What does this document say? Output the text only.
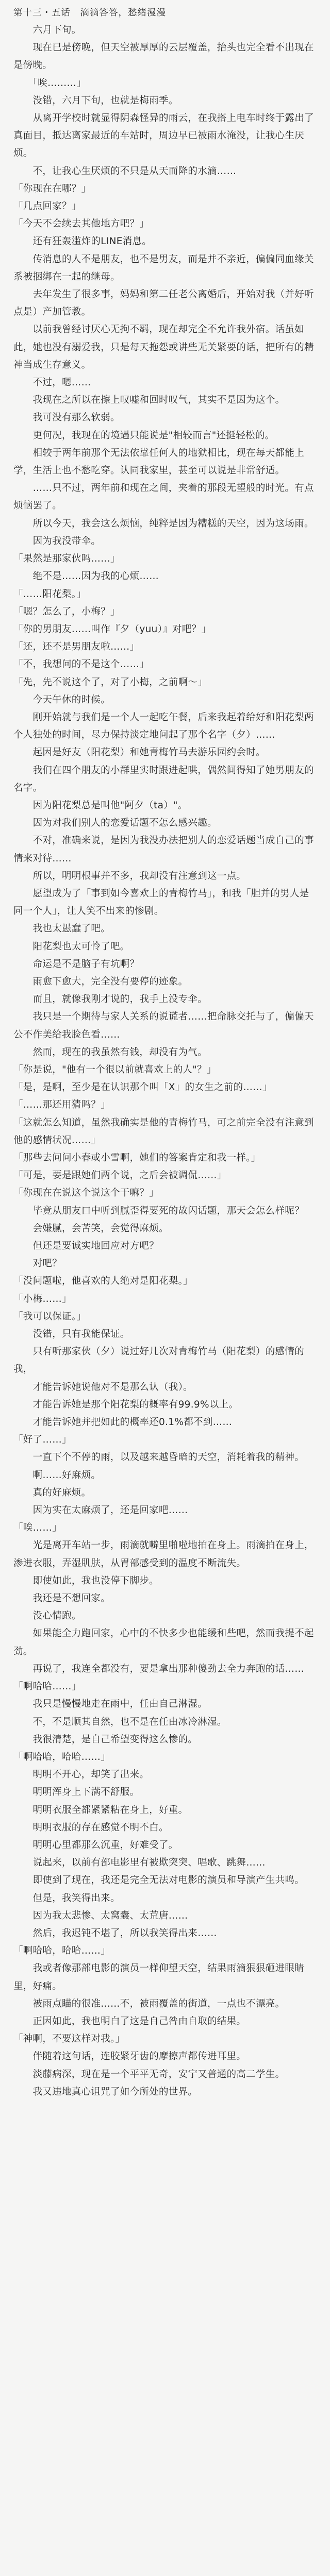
第十三・五话　滴滴答答，愁绪漫漫

　　六月下旬。

　　现在已是傍晚，但天空被厚厚的云层覆盖，抬头也完全看不出现在是傍晚。

　　「唉………」

　　没错，六月下旬，也就是梅雨季。

　　从离开学校时就显得阴森怪异的雨云，在我搭上电车时终于露出了真面目，抵达离家最近的车站时，周边早已被雨水淹没，让我心生厌烦。

　　不，让我心生厌烦的不只是从天而降的水滴……

「你现在在哪？」

「几点回家？」

「今天不会续去其他地方吧？」

　　还有狂轰滥炸的LINE消息。

　　传消息的人不是朋友，也不是男友，而是并不亲近，偏偏同血缘关系被捆绑在一起的继母。

　　去年发生了很多事，妈妈和第二任老公离婚后，开始对我（并好听点是）产加管教。

　　以前我曾经讨厌心无拘不羁，现在却完全不允许我外宿。话虽如此，她也没有溺爱我，只是每天拖怨或讲些无关紧要的话，把所有的精神当成生存意义。

　　不过，嗯……

　　我现在之所以在擦上叹嘘和回时叹气，其实不是因为这个。

　　我可没有那么软弱。

　　更何况，我现在的境遇只能说是"相较而言"还挺轻松的。

　　相较于两年前那个无法依靠任何人的地狱相比，现在每天都能上学，生活上也不愁吃穿。认同我家里，甚至可以说是非常舒适。

　　……只不过，两年前和现在之间，夹着的那段无望般的时光。有点烦恼罢了。

　　所以今天，我会这么烦恼，纯粹是因为糟糕的天空，因为这场雨。

　　因为我没带伞。

「果然是那家伙吗……」

　　绝不是……因为我的心烦……

「……阳花梨。」

「嗯？怎么了，小梅？」

「你的男朋友……叫作『夕（yuu）』对吧？」

「还，还不是男朋友啦……」

「不，我想问的不是这个……」

「先，先不说这个了，对了小梅，之前啊～」

　　今天午休的时候。

　　刚开始就与我们是一个人一起吃午餐，后来我起着给好和阳花梨两个人独处的时间，尽力保持淡定地问起了那个名字（夕）……

　　起因是好友（阳花梨）和她青梅竹马去游乐园约会时。

　　我们在四个朋友的小群里实时跟进起哄，偶然间得知了她男朋友的名字。

　　因为阳花梨总是叫他"阿夕（ta）"。

　　因为对我们别人的恋爱话题不怎么感兴趣。

　　不对，准确来说，是因为我没办法把别人的恋爱话题当成自己的事情来对待……

　　所以，明明根事并不多，我却没有注意到这一点。

　　愿望成为了「事到如今喜欢上的青梅竹马」，和我「胆并的男人是同一个人」，让人笑不出来的惨剧。

　　我也太愚蠢了吧。

　　阳花梨也太可怜了吧。

　　命运是不是脑子有坑啊？

　　雨愈下愈大，完全没有要停的迹象。

　　而且，就像我刚才说的，我手上没专伞。

　　我只是一个期待与家人关系的说谎者……把命脉交托与了，偏偏天公不作美给我脸色看……

　　然而，现在的我虽然有钱，却没有为气。

「你是说，"他有一个很以前就喜欢上的人"？」

「是，是啊，至少是在认识那个叫「X」的女生之前的……」

「……那还用猜吗？」

「这就怎么知道，虽然我确实是他的青梅竹马，可之前完全没有注意到他的感情状况……」

「那些去问问小春或小雪啊，她们的答案肯定和我一样。」

「可是，要是跟她们两个说，之后会被调侃……」

「你现在在说这个说这个干嘛？」

　　毕竟从朋友口中听到腻歪得要死的故闪话题，那天会怎么样呢？

　　会嫌腻，会苦笑，会觉得麻烦。

　　但还是要诚实地回应对方吧？

　　对吧？

「没问题啦，他喜欢的人绝对是阳花梨。」

「小梅……」

「我可以保证。」

　　没错，只有我能保证。

　　只有听那家伙（夕）说过好几次对青梅竹马（阳花梨）的感情的我，

　　才能告诉她说他对不是那么认（我）。

　　才能告诉她是那个阳花梨的概率有99.9%以上。

　　才能告诉她并把如此的概率还0.1%都不到……

「好了……」

　　一直下个不停的雨，以及越来越昏暗的天空，消耗着我的精神。

　　啊……好麻烦。

　　真的好麻烦。

　　因为实在太麻烦了，还是回家吧……

「唉……」

　　光是离开车站一步，雨滴就噼里啪啦地拍在身上。雨滴拍在身上，渗进衣服，弄湿肌肤，从胃部感受到的温度不断流失。

　　即使如此，我也没停下脚步。

　　我还是不想回家。

　　没心情跑。

　　如果能全力跑回家，心中的不快多少也能缓和些吧，然而我提不起劲。

　　再说了，我连全都没有，要是拿出那种傻劲去全力奔跑的话……

「啊哈哈……」

　　我只是慢慢地走在雨中，任由自己淋湿。

　　不，不是顺其自然，也不是在任由冰冷淋湿。

　　我很清楚，是自己希望变得这么惨的。

「啊哈哈，哈哈……」

　　明明不开心，却笑了出来。

　　明明浑身上下满不舒服。

　　明明衣服全都紧紧粘在身上，好重。

　　明明衣服的存在感觉不明不白。

　　明明心里都那么沉重，好难受了。

　　说起来，以前有部电影里有被欺突突、唱歌、跳舞……

　　即使到了现在，我还是完全无法对电影的演员和导演产生共鸣。

　　但是，我笑得出来。

　　因为我太悲惨、太窝囊、太荒唐……

　　然后，我迟钝不堪了，所以我笑得出来……

「啊哈哈，哈哈……」

　　我或者像那部电影的演员一样仰望天空，结果雨滴狠狠砸进眼睛里，好痛。

　　被雨点瞄的很准……不，被雨覆盖的街道，一点也不漂亮。

　　正因如此，我也明白了这是自己咎由自取的结果。

「神啊，不要这样对我。」

　　伴随着这句话，连胶紧牙齿的摩擦声都传进耳里。

　　淡藤病深，现在是一个平平无奇，安宁又普通的高二学生。

　　我又违地真心诅咒了如今所处的世界。
